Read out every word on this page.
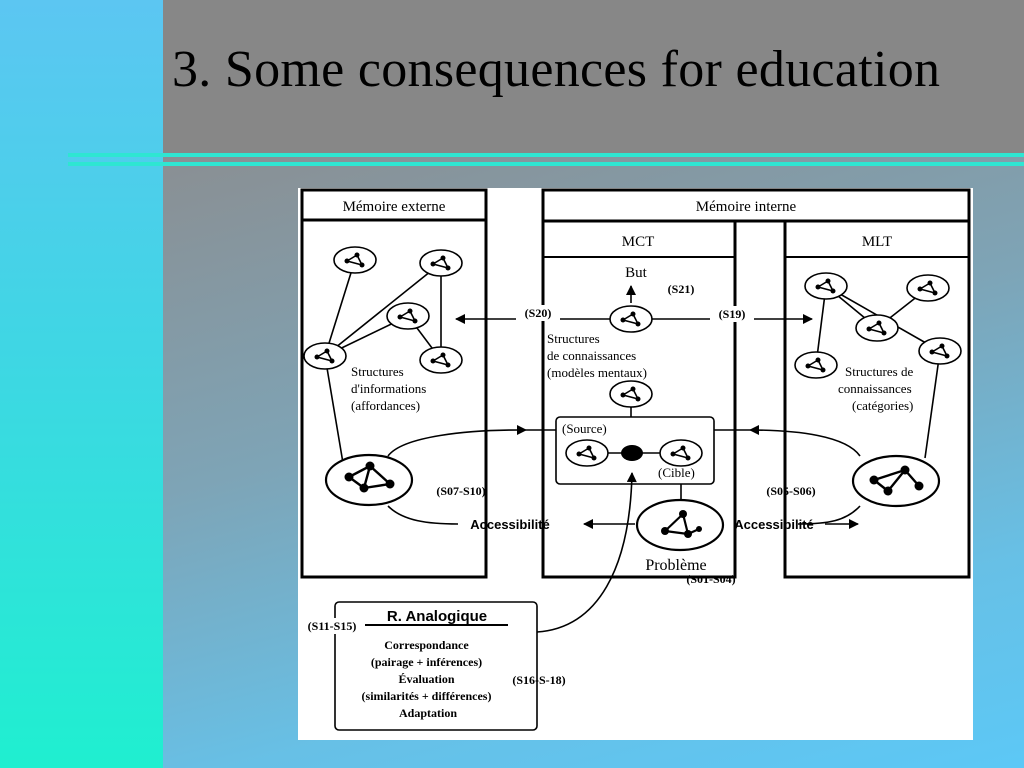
3. Some consequences for education
Mémoire externe	Mémoire interne
MCT	MLT
Structures d'informations (affordances)
But
(S21)
(S20)	(S19)
Structures de connaissances (modèles mentaux)
(Source)
(Cible)
(S07-S10)	(S05-S06)
Accessibilité	Accessibilité
Problème
(S01-S04)
Structures de connaissances (catégories)
R. Analogique
Correspondance (pairage + inférences) Évaluation (similarités + différences) Adaptation
(S11-S15)
(S16-S-18)
